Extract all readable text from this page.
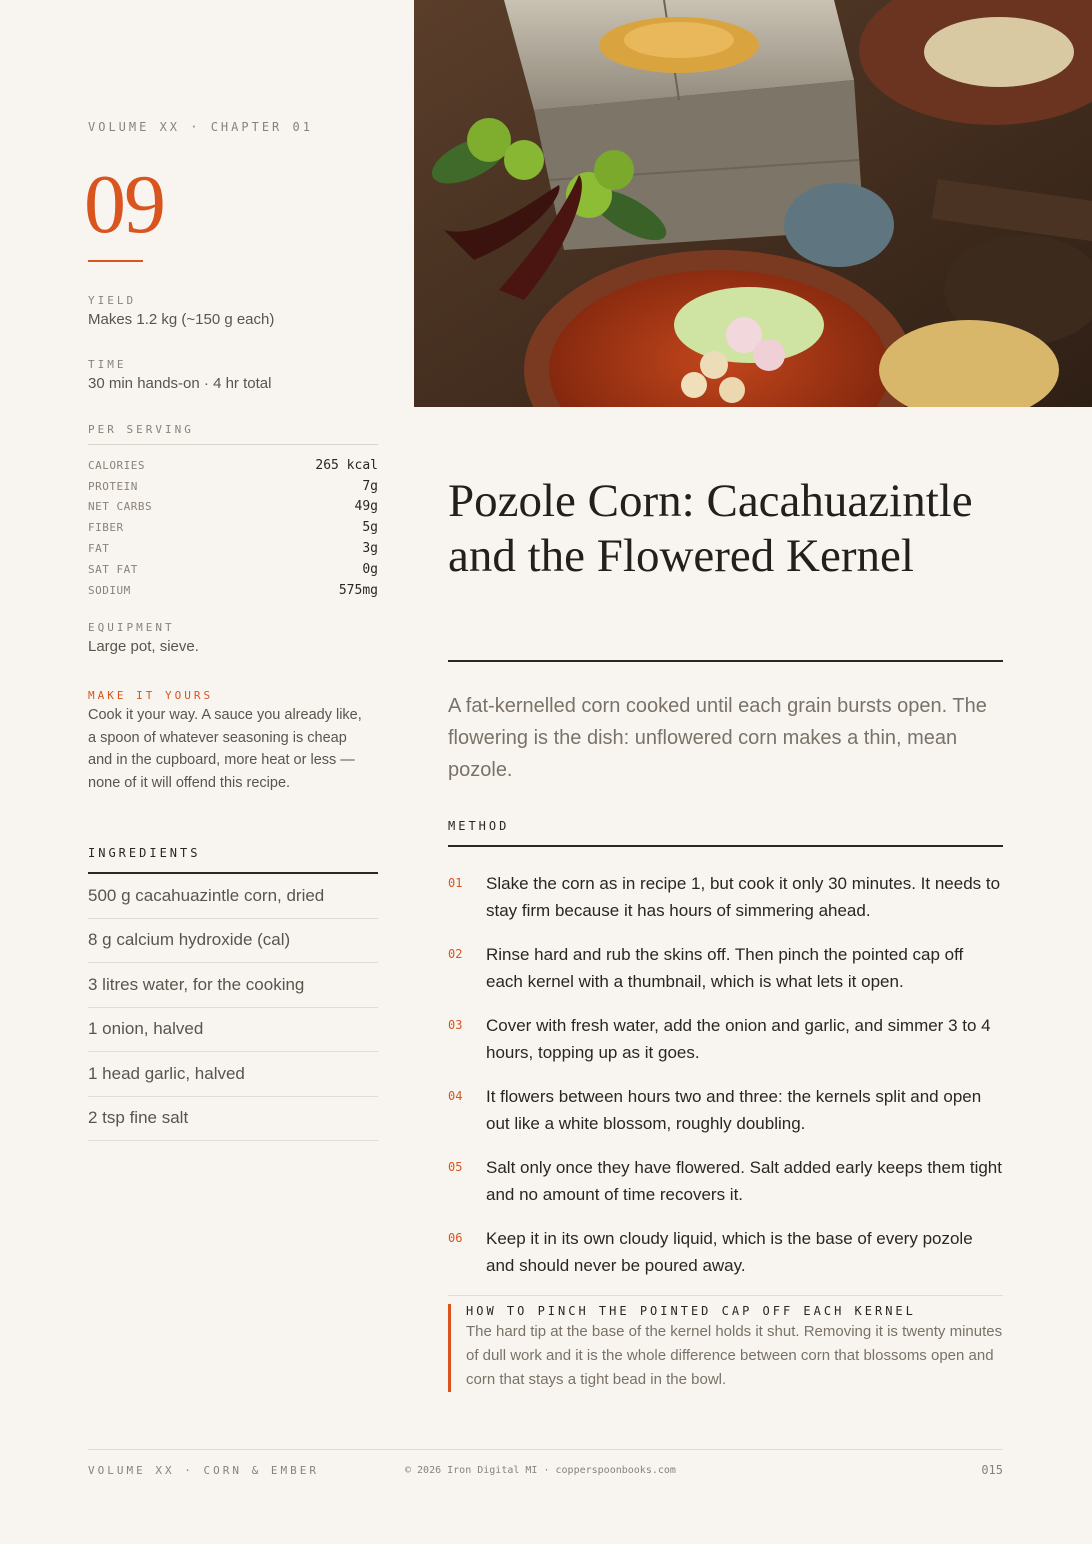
VOLUME XX · CHAPTER 01
09
YIELD
Makes 1.2 kg (~150 g each)
TIME
30 min hands-on · 4 hr total
PER SERVING
CALORIES	265 kcal
PROTEIN	7g
NET CARBS	49g
FIBER	5g
FAT	3g
SAT FAT	0g
SODIUM	575mg
EQUIPMENT
Large pot, sieve.
MAKE IT YOURS
Cook it your way. A sauce you already like, a spoon of whatever seasoning is cheap and in the cupboard, more heat or less — none of it will offend this recipe.
INGREDIENTS
500 g cacahuazintle corn, dried
8 g calcium hydroxide (cal)
3 litres water, for the cooking
1 onion, halved
1 head garlic, halved
2 tsp fine salt
Pozole Corn: Cacahuazintle and the Flowered Kernel

A fat-kernelled corn cooked until each grain bursts open. The flowering is the dish: unflowered corn makes a thin, mean pozole.

METHOD
01	Slake the corn as in recipe 1, but cook it only 30 minutes. It needs to stay firm because it has hours of simmering ahead.
02	Rinse hard and rub the skins off. Then pinch the pointed cap off each kernel with a thumbnail, which is what lets it open.
03	Cover with fresh water, add the onion and garlic, and simmer 3 to 4 hours, topping up as it goes.
04	It flowers between hours two and three: the kernels split and open out like a white blossom, roughly doubling.
05	Salt only once they have flowered. Salt added early keeps them tight and no amount of time recovers it.
06	Keep it in its own cloudy liquid, which is the base of every pozole and should never be poured away.
HOW TO PINCH THE POINTED CAP OFF EACH KERNEL
The hard tip at the base of the kernel holds it shut. Removing it is twenty minutes of dull work and it is the whole difference between corn that blossoms open and corn that stays a tight bead in the bowl.
VOLUME XX · CORN & EMBER	© 2026 Iron Digital MI · copperspoonbooks.com	015
